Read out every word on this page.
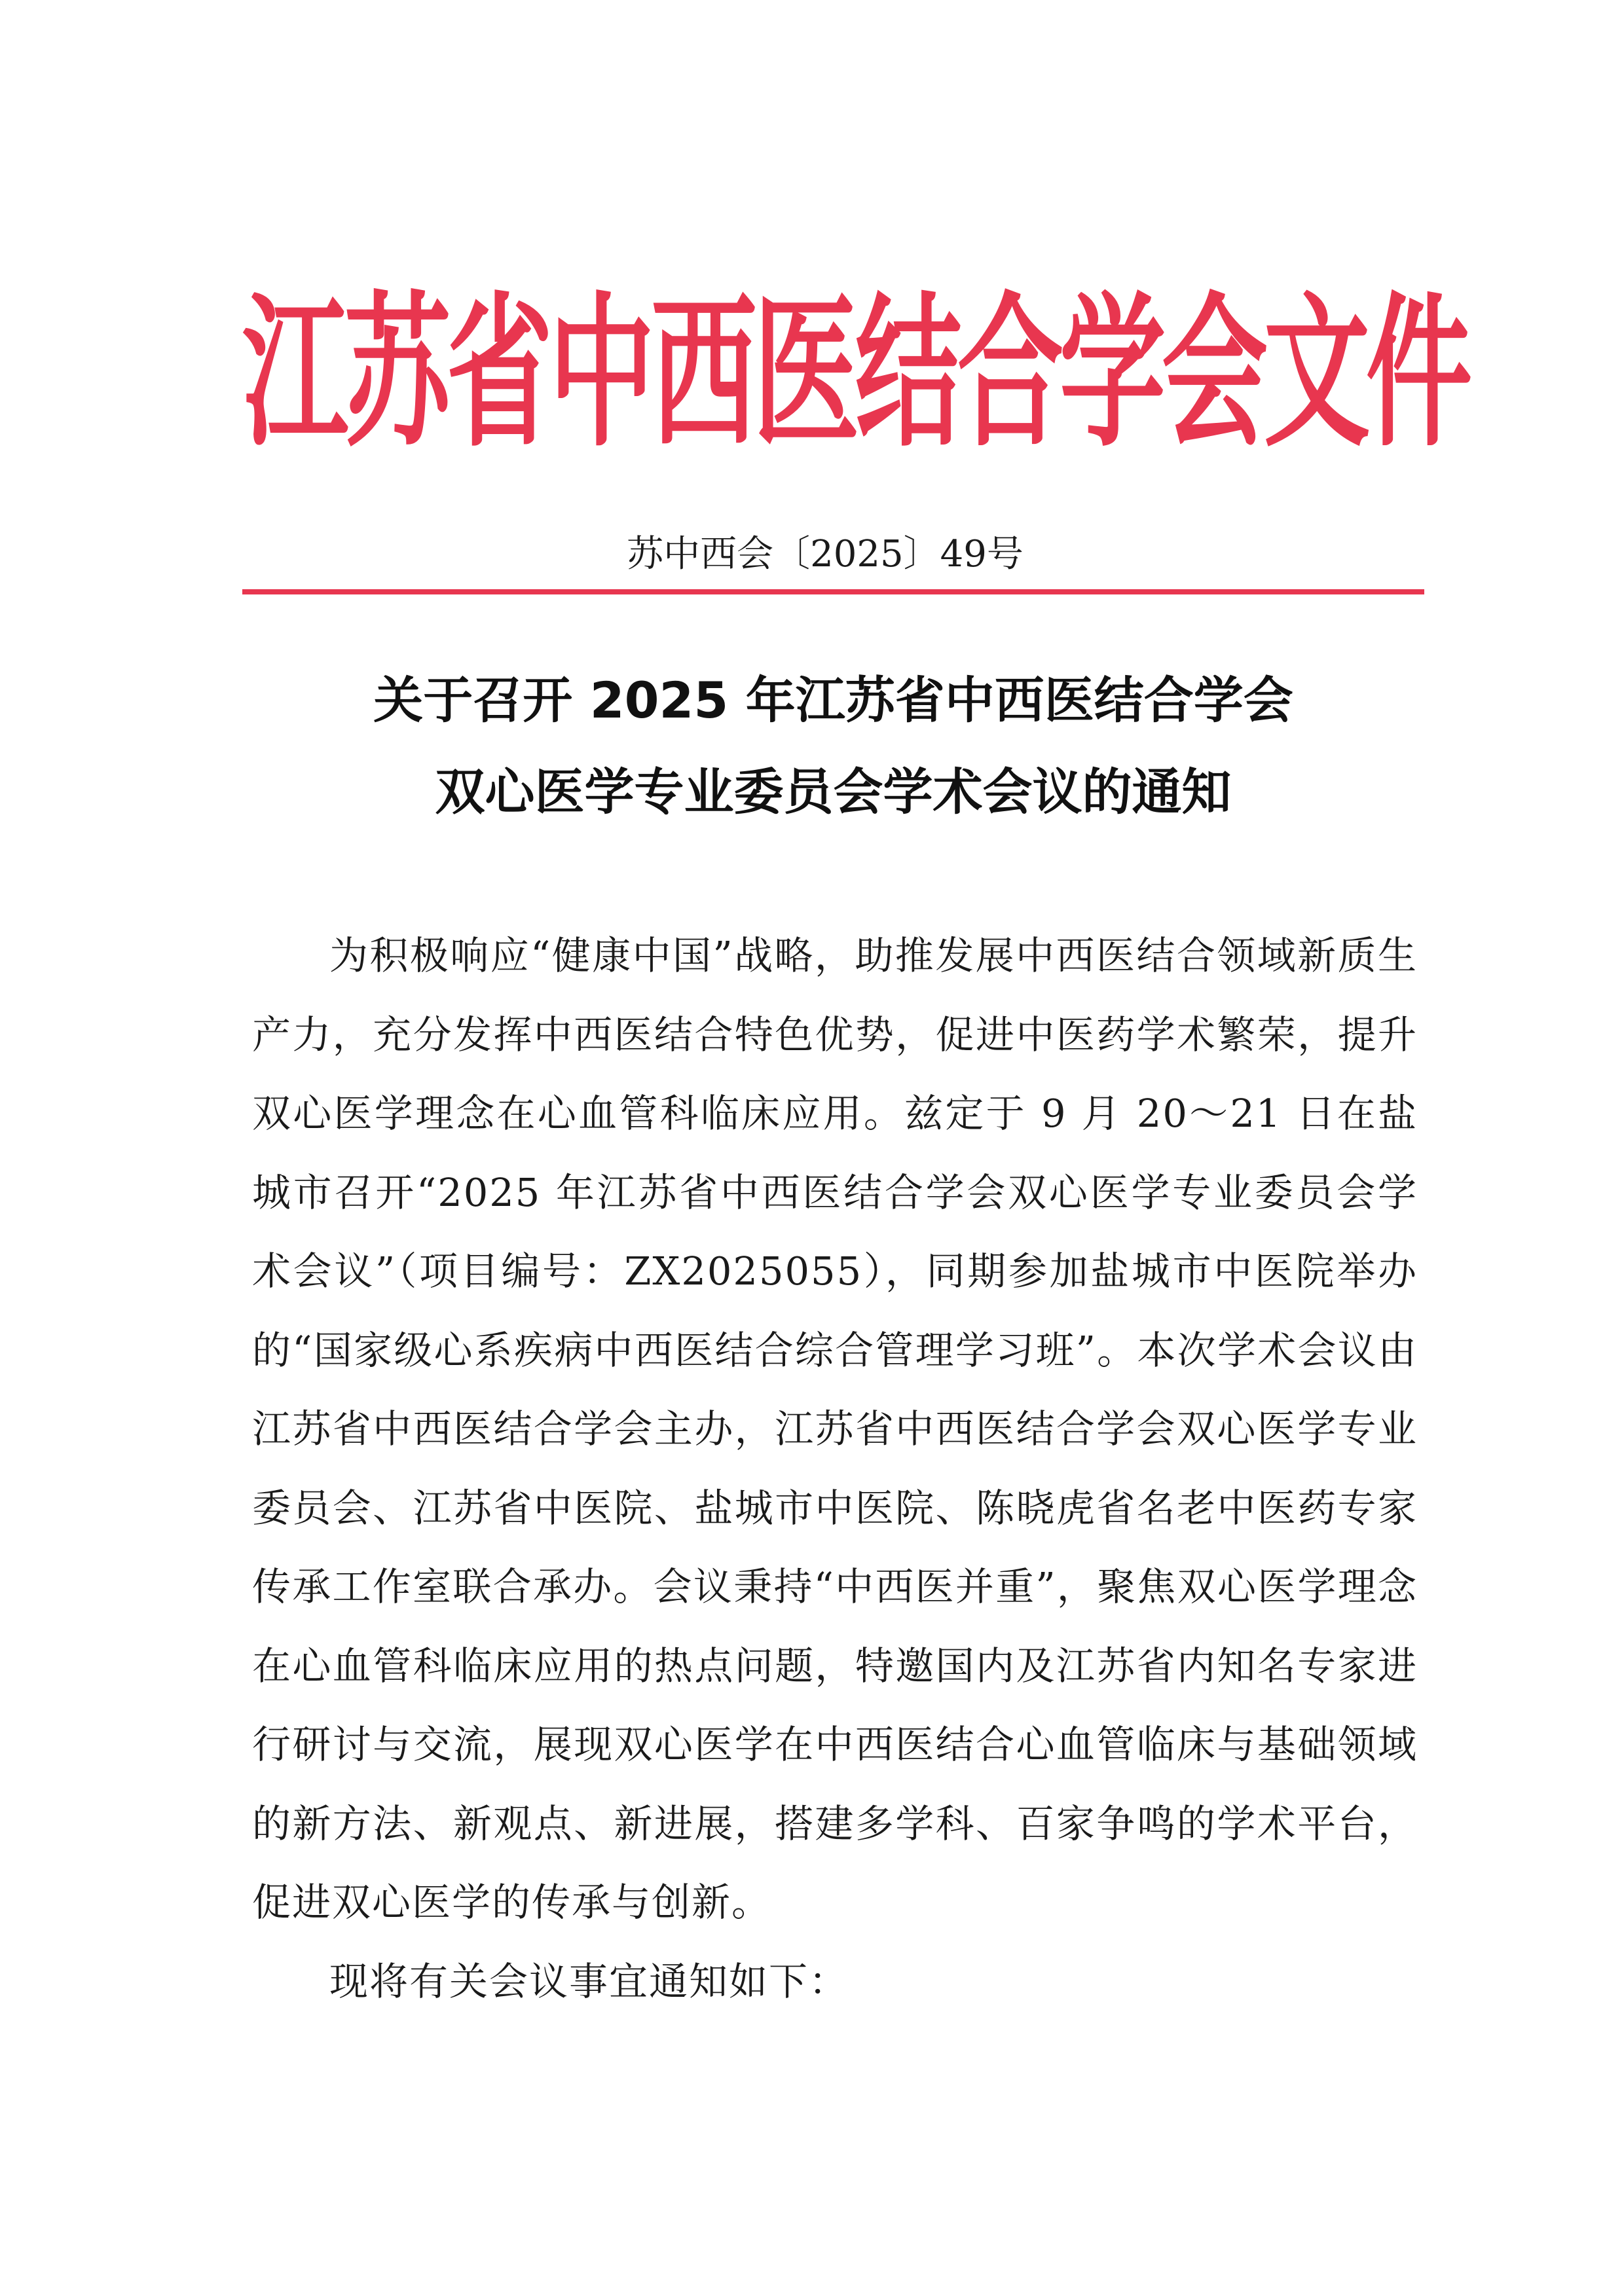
江苏省中西医结合学会文件
苏中西会〔2025〕49号
关于召开 2025 年江苏省中西医结合学会
双心医学专业委员会学术会议的通知

为积极响应“健康中国”战略，助推发展中西医结合领域新质生产力，充分发挥中西医结合特色优势，促进中医药学术繁荣，提升双心医学理念在心血管科临床应用。兹定于 9 月 20～21 日在盐城市召开“2025 年江苏省中西医结合学会双心医学专业委员会学术会议”（项目编号：ZX2025055），同期参加盐城市中医院举办的“国家级心系疾病中西医结合综合管理学习班”。本次学术会议由江苏省中西医结合学会主办，江苏省中西医结合学会双心医学专业委员会、江苏省中医院、盐城市中医院、陈晓虎省名老中医药专家传承工作室联合承办。会议秉持“中西医并重”，聚焦双心医学理念在心血管科临床应用的热点问题，特邀国内及江苏省内知名专家进行研讨与交流，展现双心医学在中西医结合心血管临床与基础领域的新方法、新观点、新进展，搭建多学科、百家争鸣的学术平台，促进双心医学的传承与创新。

现将有关会议事宜通知如下：
